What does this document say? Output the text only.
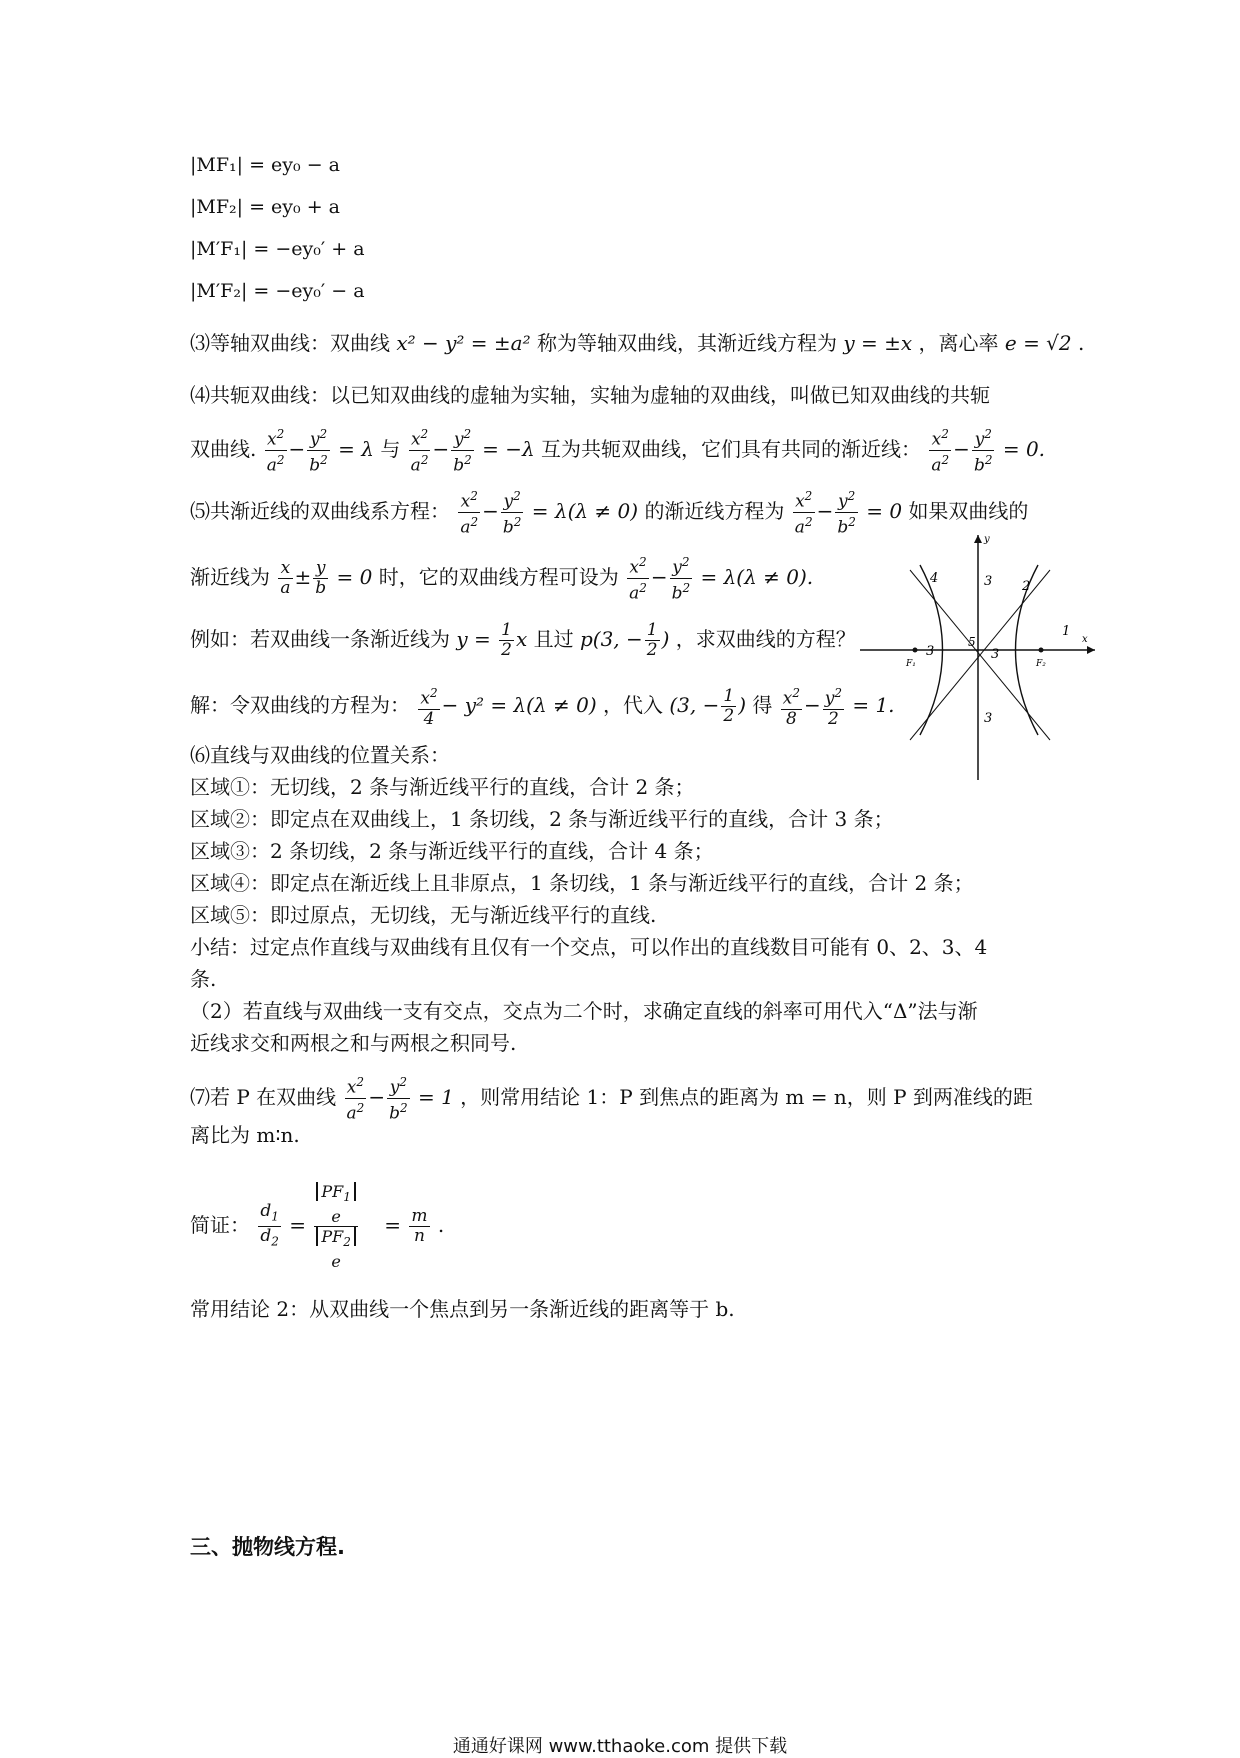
|MF₁| = ey₀ − a
|MF₂| = ey₀ + a
|M′F₁| = −ey₀′ + a
|M′F₂| = −ey₀′ − a
⑶等轴双曲线：双曲线 x² − y² = ±a² 称为等轴双曲线，其渐近线方程为 y = ±x ，离心率 e = √2 .
⑷共轭双曲线：以已知双曲线的虚轴为实轴，实轴为虚轴的双曲线，叫做已知双曲线的共轭
双曲线. $\frac{x^2}{a^2} - \frac{y^2}{b^2} = \lambda$ 与 $\frac{x^2}{a^2} - \frac{y^2}{b^2} = -\lambda$ 互为共轭双曲线，它们具有共同的渐近线： $\frac{x^2}{a^2} - \frac{y^2}{b^2} = 0$.
⑸共渐近线的双曲线系方程： $\frac{x^2}{a^2} - \frac{y^2}{b^2} = \lambda(\lambda \ne 0)$ 的渐近线方程为 $\frac{x^2}{a^2} - \frac{y^2}{b^2} = 0$ 如果双曲线的
渐近线为 $\frac{x}{a} \pm \frac{y}{b} = 0$ 时，它的双曲线方程可设为 $\frac{x^2}{a^2} - \frac{y^2}{b^2} = \lambda(\lambda \ne 0)$.
例如：若双曲线一条渐近线为 $y = \frac{1}{2}$ x 且过 p(3, − $\frac{1}{2}$ ) ，求双曲线的方程？
解：令双曲线的方程为： $\frac{x^2}{4} - y^2 = \lambda(\lambda \ne 0)$ ，代入 (3, − $\frac{1}{2}$ ) 得 $\frac{x^2}{8} - \frac{y^2}{2} = 1$.
⑹直线与双曲线的位置关系：
区域①：无切线，2 条与渐近线平行的直线，合计 2 条；
区域②：即定点在双曲线上，1 条切线，2 条与渐近线平行的直线，合计 3 条；
区域③：2 条切线，2 条与渐近线平行的直线，合计 4 条；
区域④：即定点在渐近线上且非原点，1 条切线，1 条与渐近线平行的直线，合计 2 条；
区域⑤：即过原点，无切线，无与渐近线平行的直线.
小结：过定点作直线与双曲线有且仅有一个交点，可以作出的直线数目可能有 0、2、3、4
条.
（2）若直线与双曲线一支有交点，交点为二个时，求确定直线的斜率可用代入“Δ”法与渐
近线求交和两根之和与两根之积同号.
⑺若 P 在双曲线 $\frac{x^2}{a^2} - \frac{y^2}{b^2} = 1$ ，则常用结论 1：P 到焦点的距离为 m = n，则 P 到两准线的距
离比为 m∶n.
简证： $\frac{d_1}{d_2}$ =
$PF_1$
e
$PF_2$
e
= $\frac{m}{n}$ .
常用结论 2：从双曲线一个焦点到另一条渐近线的距离等于 b.
三、抛物线方程.
x
y
F₁	F₂
1
2
3
3
3	3
4
5
通通好课网 www.tthaoke.com 提供下载
